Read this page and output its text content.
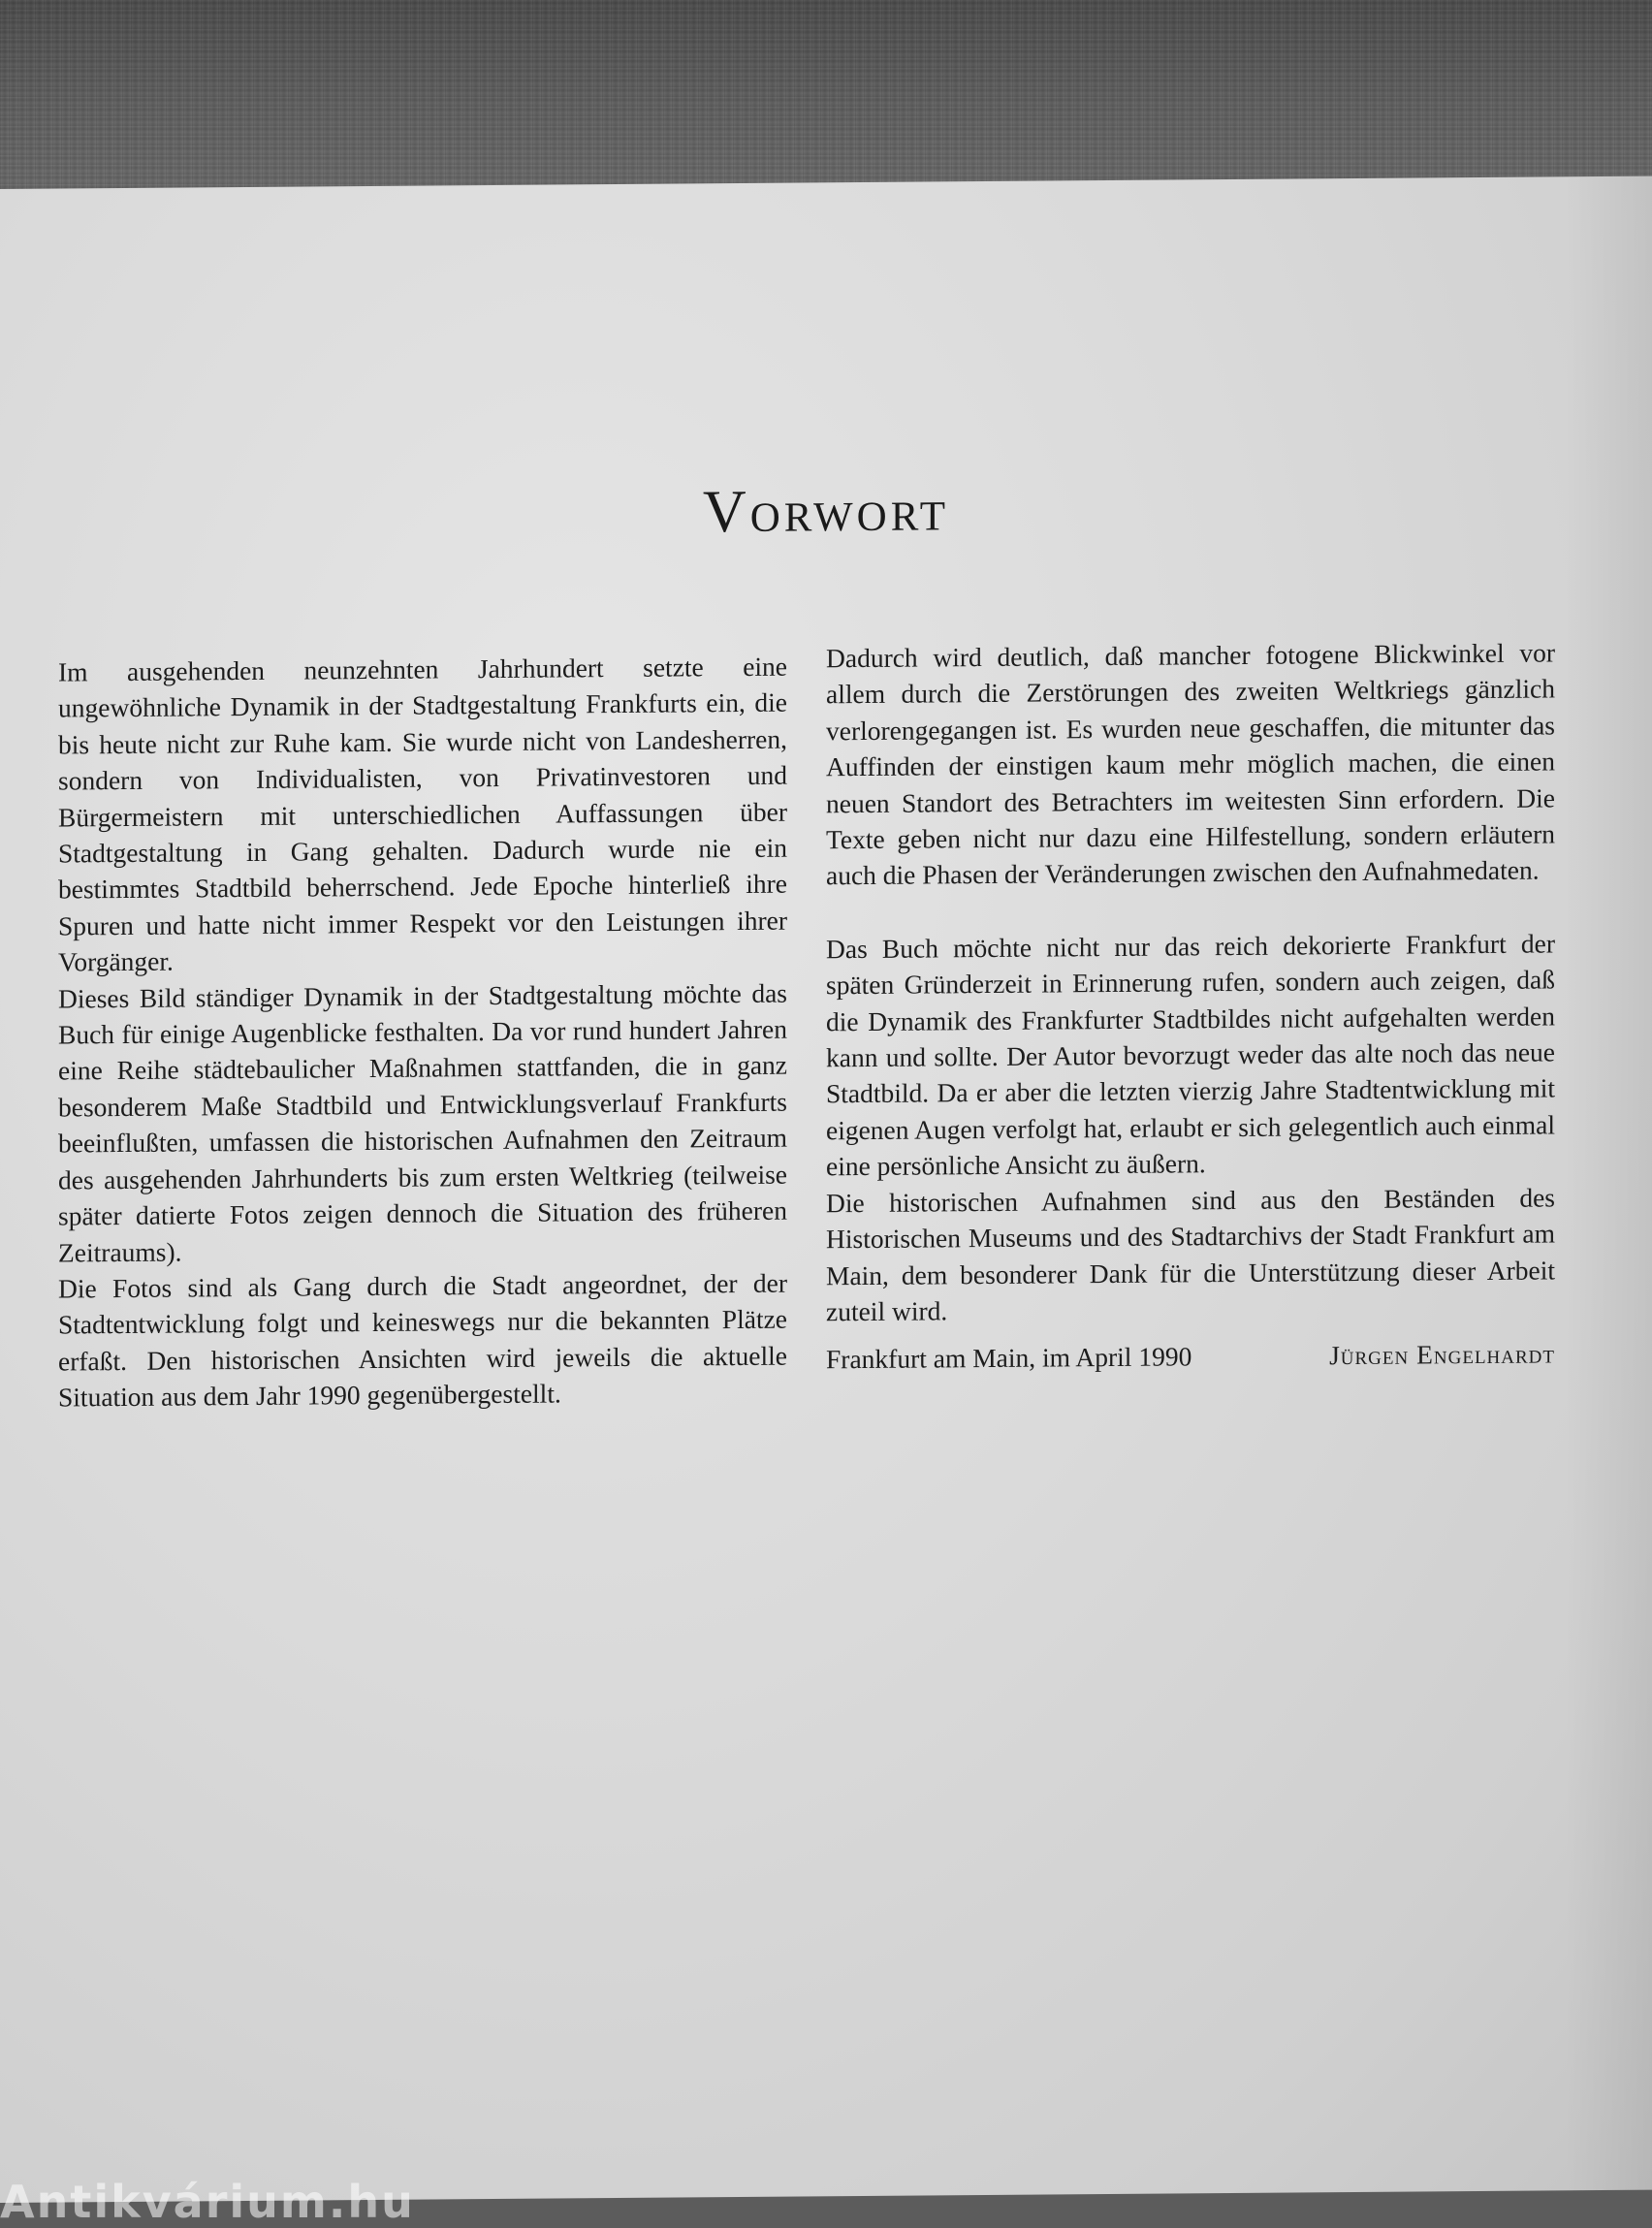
Vorwort

Im ausgehenden neunzehnten Jahrhundert setzte eine ungewöhnliche Dynamik in der Stadtgestaltung Frankfurts ein, die bis heute nicht zur Ruhe kam. Sie wurde nicht von Landesherren, sondern von Individualisten, von Privatinvestoren und Bürgermeistern mit unterschiedlichen Auffassungen über Stadtgestaltung in Gang gehalten. Dadurch wurde nie ein bestimmtes Stadtbild beherrschend. Jede Epoche hinterließ ihre Spuren und hatte nicht immer Respekt vor den Leistungen ihrer Vorgänger.

Dieses Bild ständiger Dynamik in der Stadtgestaltung möchte das Buch für einige Augenblicke festhalten. Da vor rund hundert Jahren eine Reihe städtebaulicher Maßnahmen stattfanden, die in ganz besonderem Maße Stadtbild und Entwicklungsverlauf Frankfurts beeinflußten, umfassen die historischen Aufnahmen den Zeitraum des ausgehenden Jahrhunderts bis zum ersten Weltkrieg (teilweise später datierte Fotos zeigen dennoch die Situation des früheren Zeitraums).

Die Fotos sind als Gang durch die Stadt angeordnet, der der Stadtentwicklung folgt und keineswegs nur die bekannten Plätze erfaßt. Den historischen Ansichten wird jeweils die aktuelle Situation aus dem Jahr 1990 gegenübergestellt.

Dadurch wird deutlich, daß mancher fotogene Blickwinkel vor allem durch die Zerstörungen des zweiten Weltkriegs gänzlich verlorengegangen ist. Es wurden neue geschaffen, die mitunter das Auffinden der einstigen kaum mehr möglich machen, die einen neuen Standort des Betrachters im weitesten Sinn erfordern. Die Texte geben nicht nur dazu eine Hilfestellung, sondern erläutern auch die Phasen der Veränderungen zwischen den Aufnahmedaten.

Das Buch möchte nicht nur das reich dekorierte Frankfurt der späten Gründerzeit in Erinnerung rufen, sondern auch zeigen, daß die Dynamik des Frankfurter Stadtbildes nicht aufgehalten werden kann und sollte. Der Autor bevorzugt weder das alte noch das neue Stadtbild. Da er aber die letzten vierzig Jahre Stadtentwicklung mit eigenen Augen verfolgt hat, erlaubt er sich gelegentlich auch einmal eine persönliche Ansicht zu äußern.

Die historischen Aufnahmen sind aus den Beständen des Historischen Museums und des Stadtarchivs der Stadt Frankfurt am Main, dem besonderer Dank für die Unterstützung dieser Arbeit zuteil wird.

Frankfurt am Main, im April 1990	Jürgen Engelhardt
Antikvárium.hu
